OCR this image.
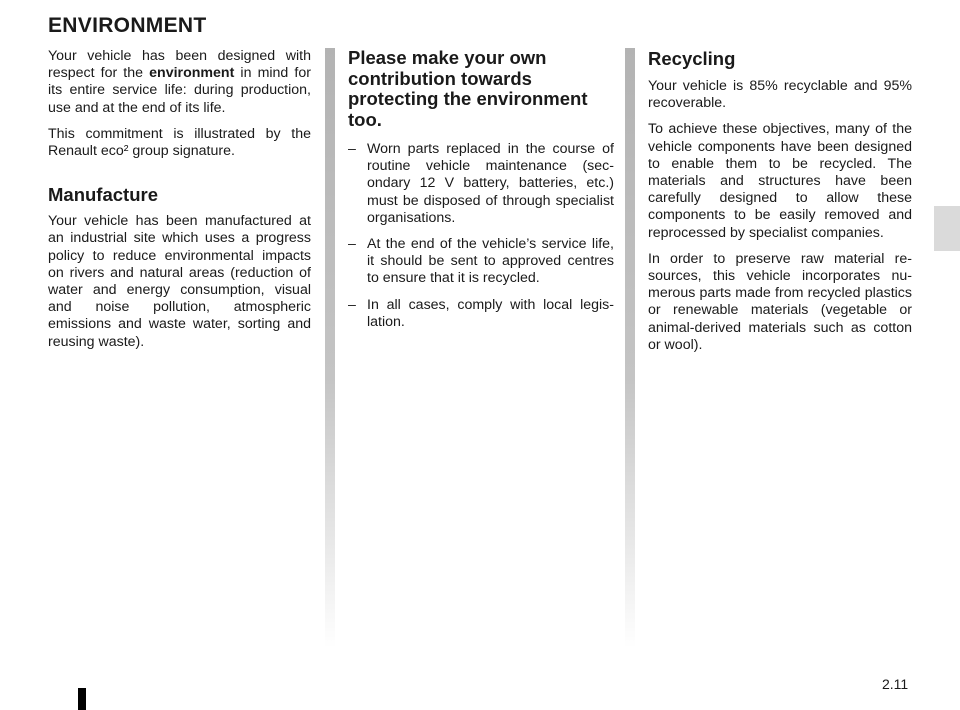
ENVIRONMENT

Your vehicle has been designed with respect for the environment in mind for its entire service life: during production, use and at the end of its life.

This commitment is illustrated by the Renault eco² group signature.

Manufacture

Your vehicle has been manufactured at an industrial site which uses a progress policy to reduce environmental impacts on rivers and natural areas (reduction of water and energy consumption, visual and noise pollution, atmospheric emissions and waste water, sorting and reusing waste).

Please make your own contribution towards protecting the environment too.
– Worn parts replaced in the course of routine vehicle maintenance (secondary 12 V battery, batteries, etc.) must be disposed of through specialist organisations.
– At the end of the vehicle’s service life, it should be sent to approved centres to ensure that it is recycled.
– In all cases, comply with local legislation.
Recycling

Your vehicle is 85% recyclable and 95% recoverable.

To achieve these objectives, many of the vehicle components have been designed to enable them to be recycled. The materials and structures have been carefully designed to allow these components to be easily removed and reprocessed by specialist companies.

In order to preserve raw material resources, this vehicle incorporates numerous parts made from recycled plastics or renewable materials (vegetable or animal-derived materials such as cotton or wool).

2.11
